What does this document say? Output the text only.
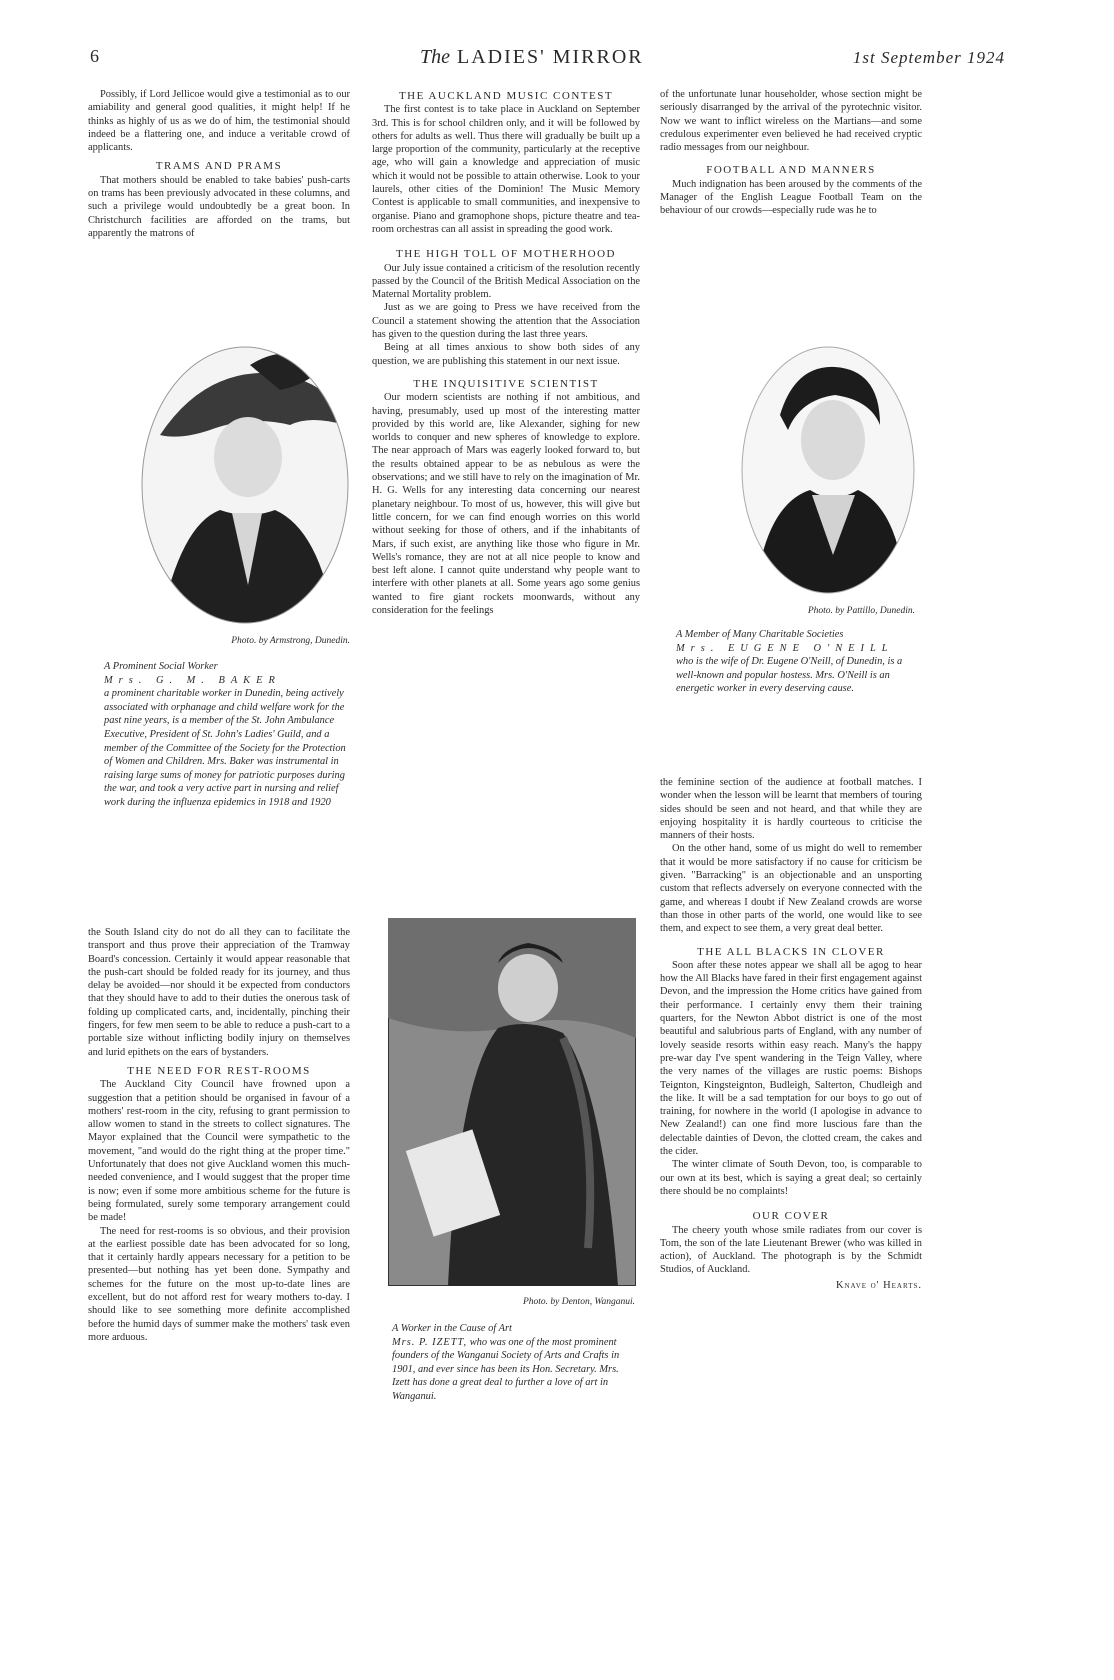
6	The LADIES' MIRROR	1st September 1924

Possibly, if Lord Jellicoe would give a testimonial as to our amiability and general good qualities, it might help! If he thinks as highly of us as we do of him, the testimonial should indeed be a flattering one, and induce a veritable crowd of applicants.

TRAMS AND PRAMS

That mothers should be enabled to take babies' push-carts on trams has been previously advocated in these columns, and such a privilege would undoubtedly be a great boon. In Christchurch facilities are afforded on the trams, but apparently the matrons of

Photo. by Armstrong, Dunedin.
A Prominent Social Worker
Mrs. G. M. BAKER
a prominent charitable worker in Dunedin, being actively associated with orphanage and child welfare work for the past nine years, is a member of the St. John Ambulance Executive, President of St. John's Ladies' Guild, and a member of the Committee of the Society for the Protection of Women and Children. Mrs. Baker was instrumental in raising large sums of money for patriotic purposes during the war, and took a very active part in nursing and relief work during the influenza epidemics in 1918 and 1920

the South Island city do not do all they can to facilitate the transport and thus prove their appreciation of the Tramway Board's concession. Certainly it would appear reasonable that the push-cart should be folded ready for its journey, and thus delay be avoided—nor should it be expected from conductors that they should have to add to their duties the onerous task of folding up complicated carts, and, incidentally, pinching their fingers, for few men seem to be able to reduce a push-cart to a portable size without inflicting bodily injury on themselves and lurid epithets on the ears of bystanders.

THE NEED FOR REST-ROOMS

The Auckland City Council have frowned upon a suggestion that a petition should be organised in favour of a mothers' rest-room in the city, refusing to grant permission to allow women to stand in the streets to collect signatures. The Mayor explained that the Council were sympathetic to the movement, "and would do the right thing at the proper time." Unfortunately that does not give Auckland women this much-needed convenience, and I would suggest that the proper time is now; even if some more ambitious scheme for the future is being formulated, surely some temporary arrangement could be made!

The need for rest-rooms is so obvious, and their provision at the earliest possible date has been advocated for so long, that it certainly hardly appears necessary for a petition to be presented—but nothing has yet been done. Sympathy and schemes for the future on the most up-to-date lines are excellent, but do not afford rest for weary mothers to-day. I should like to see something more definite accomplished before the humid days of summer make the mothers' task even more arduous.

THE AUCKLAND MUSIC CONTEST

The first contest is to take place in Auckland on September 3rd. This is for school children only, and it will be followed by others for adults as well. Thus there will gradually be built up a large proportion of the community, particularly at the receptive age, who will gain a knowledge and appreciation of music which it would not be possible to attain otherwise. Look to your laurels, other cities of the Dominion! The Music Memory Contest is applicable to small communities, and inexpensive to organise. Piano and gramophone shops, picture theatre and tea-room orchestras can all assist in spreading the good work.

THE HIGH TOLL OF MOTHERHOOD

Our July issue contained a criticism of the resolution recently passed by the Council of the British Medical Association on the Maternal Mortality problem.

Just as we are going to Press we have received from the Council a statement showing the attention that the Association has given to the question during the last three years.

Being at all times anxious to show both sides of any question, we are publishing this statement in our next issue.

THE INQUISITIVE SCIENTIST

Our modern scientists are nothing if not ambitious, and having, presumably, used up most of the interesting matter provided by this world are, like Alexander, sighing for new worlds to conquer and new spheres of knowledge to explore. The near approach of Mars was eagerly looked forward to, but the results obtained appear to be as nebulous as were the observations; and we still have to rely on the imagination of Mr. H. G. Wells for any interesting data concerning our nearest planetary neighbour. To most of us, however, this will give but little concern, for we can find enough worries on this world without seeking for those of others, and if the inhabitants of Mars, if such exist, are anything like those who figure in Mr. Wells's romance, they are not at all nice people to know and best left alone. I cannot quite understand why people want to interfere with other planets at all. Some years ago some genius wanted to fire giant rockets moonwards, without any consideration for the feelings

Photo. by Denton, Wanganui.
A Worker in the Cause of Art
Mrs. P. IZETT, who was one of the most prominent founders of the Wanganui Society of Arts and Crafts in 1901, and ever since has been its Hon. Secretary. Mrs. Izett has done a great deal to further a love of art in Wanganui.

of the unfortunate lunar householder, whose section might be seriously disarranged by the arrival of the pyrotechnic visitor. Now we want to inflict wireless on the Martians—and some credulous experimenter even believed he had received cryptic radio messages from our neighbour.

FOOTBALL AND MANNERS

Much indignation has been aroused by the comments of the Manager of the English League Football Team on the behaviour of our crowds—especially rude was he to

Photo. by Pattillo, Dunedin.
A Member of Many Charitable Societies
Mrs. EUGENE O'NEILL
who is the wife of Dr. Eugene O'Neill, of Dunedin, is a well-known and popular hostess. Mrs. O'Neill is an energetic worker in every deserving cause.

the feminine section of the audience at football matches. I wonder when the lesson will be learnt that members of touring sides should be seen and not heard, and that while they are enjoying hospitality it is hardly courteous to criticise the manners of their hosts.

On the other hand, some of us might do well to remember that it would be more satisfactory if no cause for criticism be given. "Barracking" is an objectionable and an unsporting custom that reflects adversely on everyone connected with the game, and whereas I doubt if New Zealand crowds are worse than those in other parts of the world, one would like to see them, and expect to see them, a very great deal better.

THE ALL BLACKS IN CLOVER

Soon after these notes appear we shall all be agog to hear how the All Blacks have fared in their first engagement against Devon, and the impression the Home critics have gained from their performance. I certainly envy them their training quarters, for the Newton Abbot district is one of the most beautiful and salubrious parts of England, with any number of lovely seaside resorts within easy reach. Many's the happy pre-war day I've spent wandering in the Teign Valley, where the very names of the villages are rustic poems: Bishops Teignton, Kingsteignton, Budleigh, Salterton, Chudleigh and the like. It will be a sad temptation for our boys to go out of training, for nowhere in the world (I apologise in advance to New Zealand!) can one find more luscious fare than the delectable dainties of Devon, the clotted cream, the cakes and the cider.

The winter climate of South Devon, too, is comparable to our own at its best, which is saying a great deal; so certainly there should be no complaints!

OUR COVER

The cheery youth whose smile radiates from our cover is Tom, the son of the late Lieutenant Brewer (who was killed in action), of Auckland. The photograph is by the Schmidt Studios, of Auckland.

Knave o' Hearts.
